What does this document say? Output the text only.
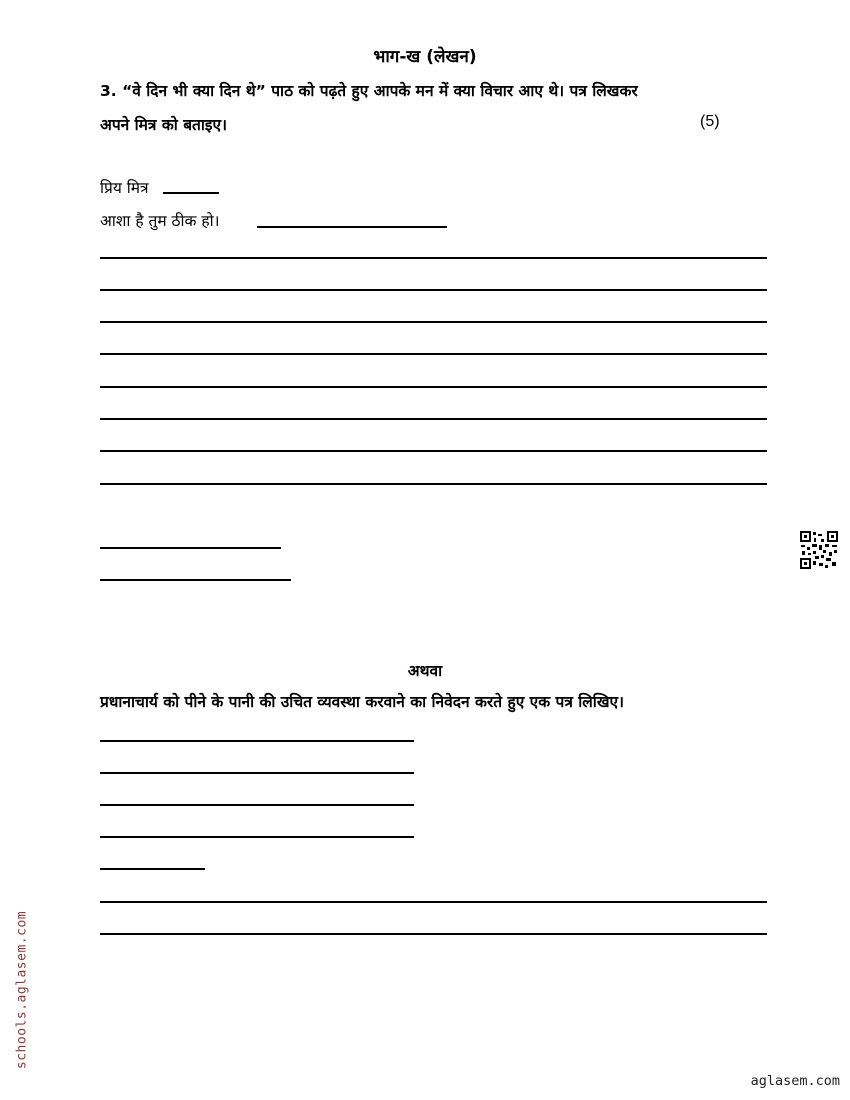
भाग-ख (लेखन)
3. “वे दिन भी क्या दिन थे” पाठ को पढ़ते हुए आपके मन में क्या विचार आए थे। पत्र लिखकर
अपने मित्र को बताइए।	(5)
प्रिय मित्र
आशा है तुम ठीक हो।
अथवा
प्रधानाचार्य को पीने के पानी की उचित व्यवस्था करवाने का निवेदन करते हुए एक पत्र लिखिए।
schools.aglasem.com
aglasem.com
